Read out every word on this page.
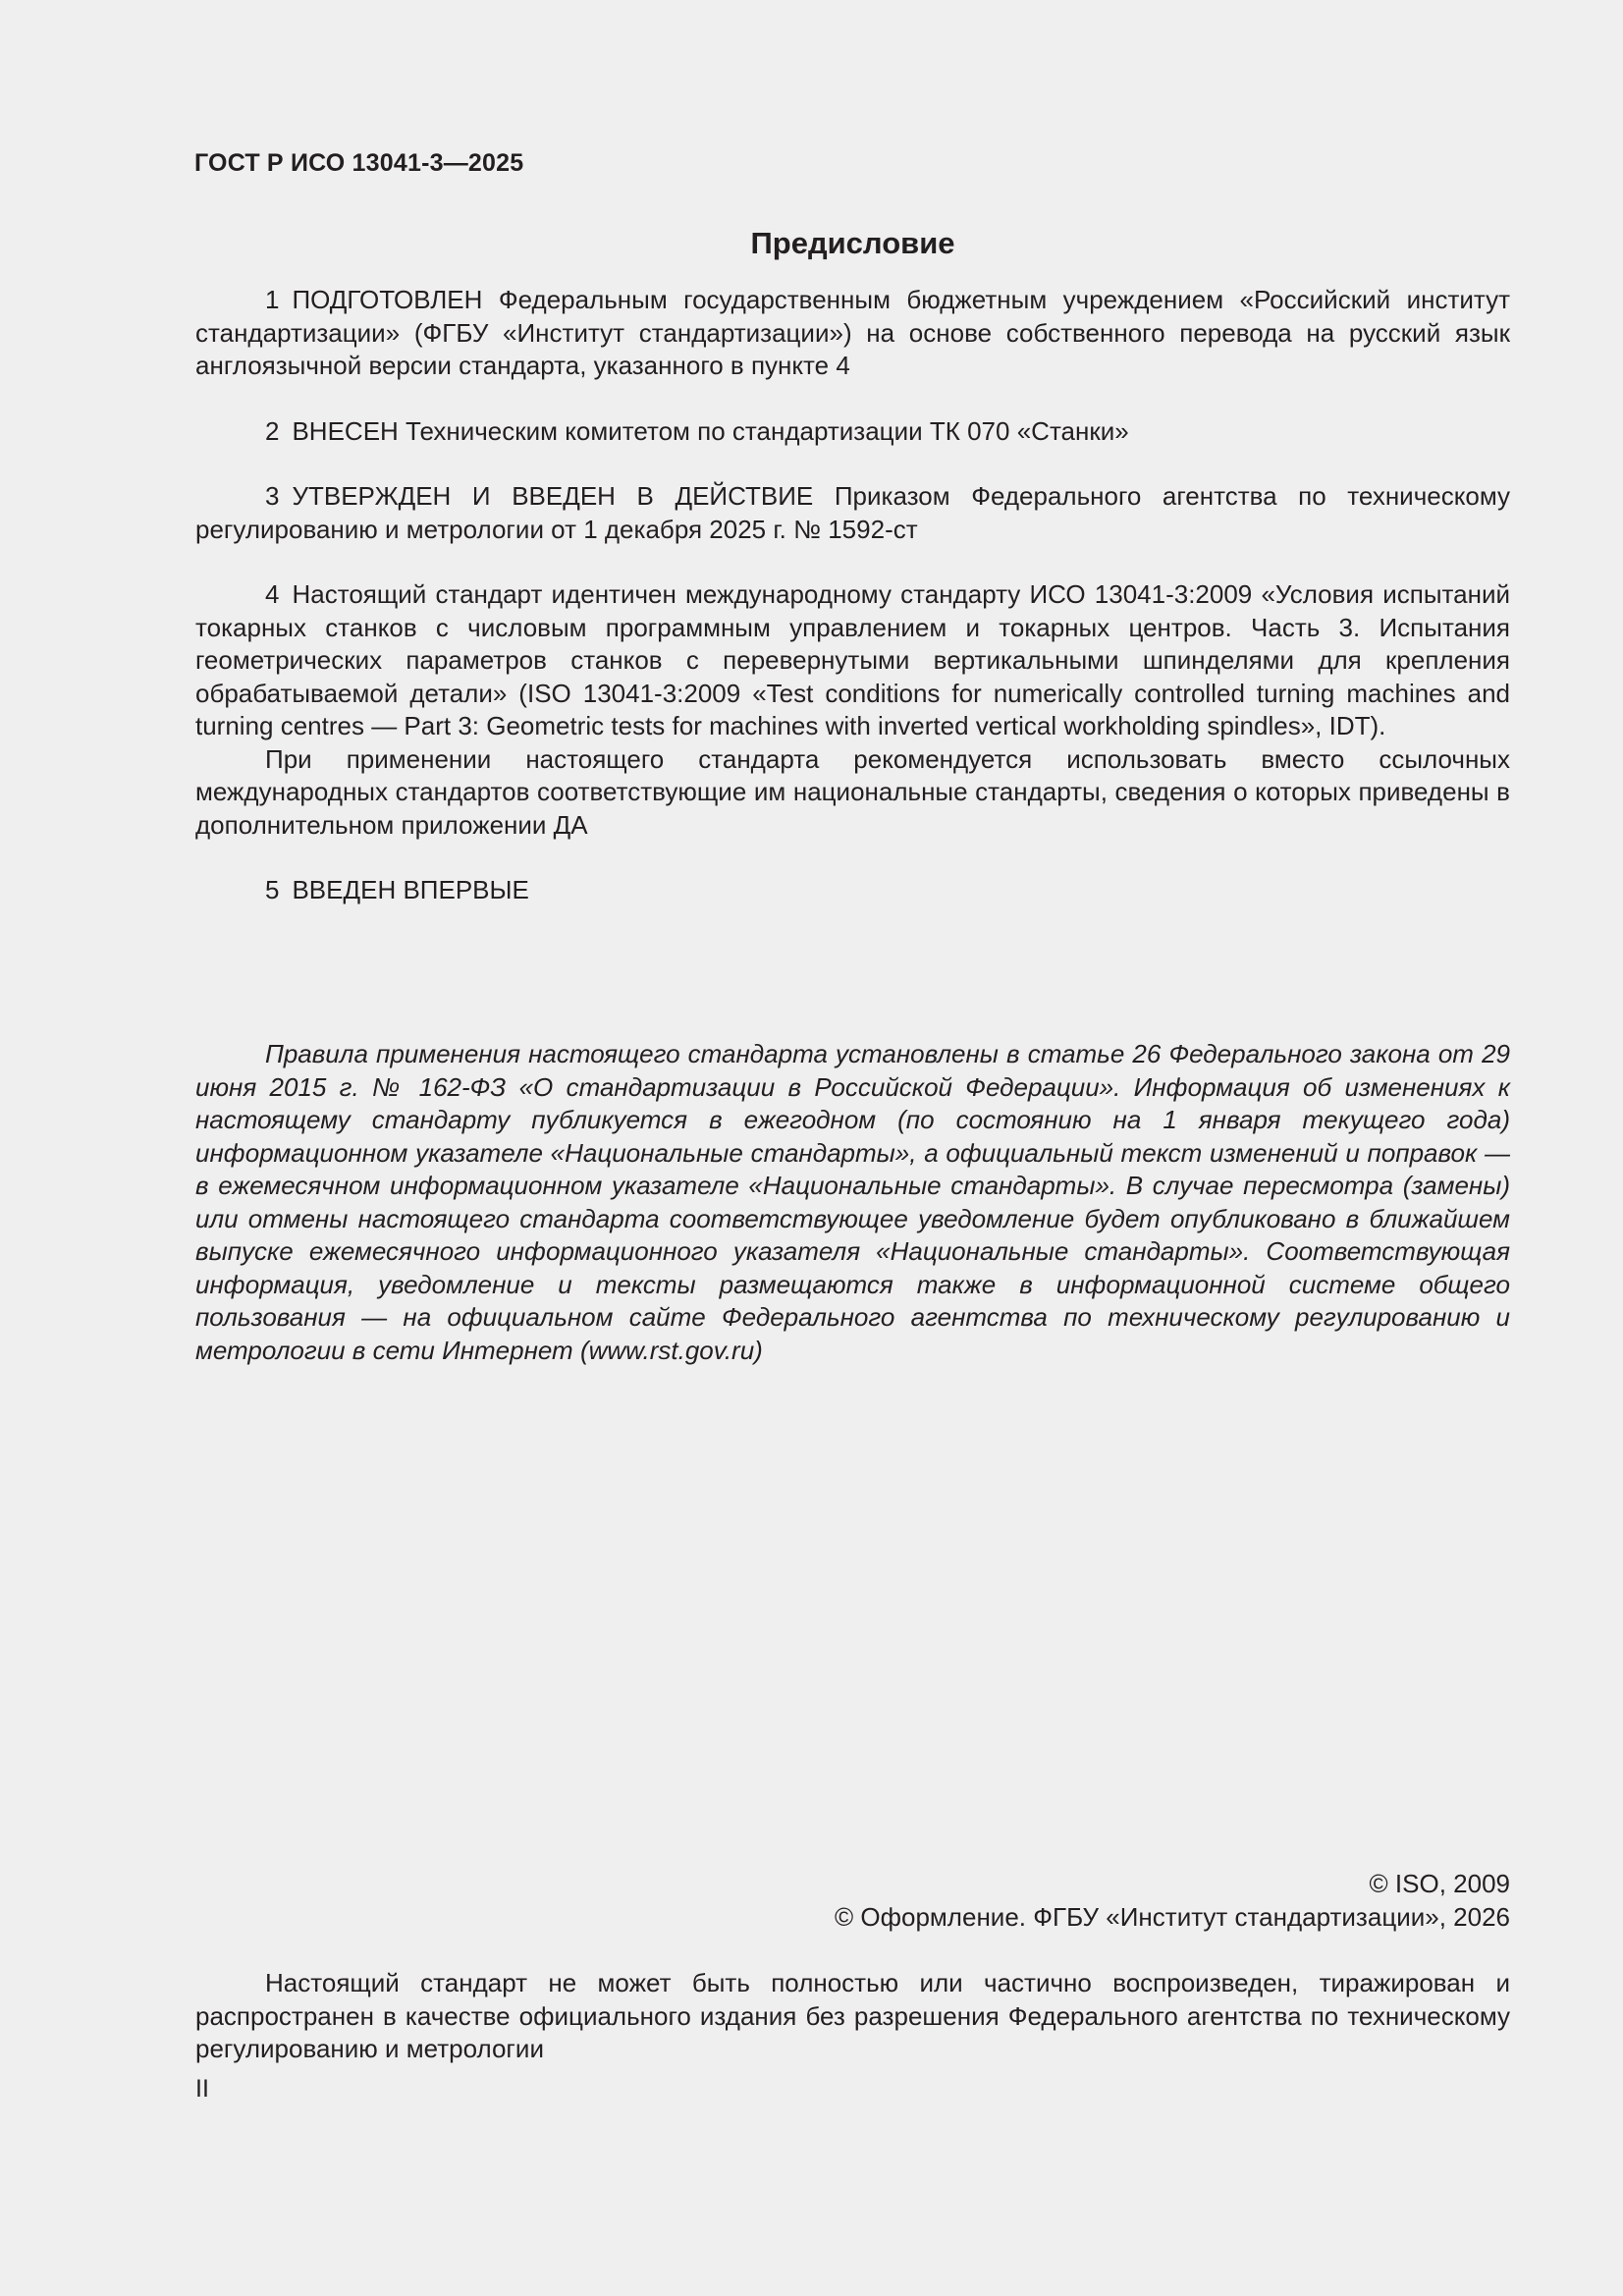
ГОСТ Р ИСО 13041-3—2025
Предисловие

1 ПОДГОТОВЛЕН Федеральным государственным бюджетным учреждением «Российский институт стандартизации» (ФГБУ «Институт стандартизации») на основе собственного перевода на русский язык англоязычной версии стандарта, указанного в пункте 4

2 ВНЕСЕН Техническим комитетом по стандартизации ТК 070 «Станки»

3 УТВЕРЖДЕН И ВВЕДЕН В ДЕЙСТВИЕ Приказом Федерального агентства по техническому регулированию и метрологии от 1 декабря 2025 г. № 1592-ст

4 Настоящий стандарт идентичен международному стандарту ИСО 13041-3:2009 «Условия испытаний токарных станков с числовым программным управлением и токарных центров. Часть 3. Испытания геометрических параметров станков с перевернутыми вертикальными шпинделями для крепления обрабатываемой детали» (ISO 13041-3:2009 «Test conditions for numerically controlled turning machines and turning centres — Part 3: Geometric tests for machines with inverted vertical workholding spindles», IDT).

При применении настоящего стандарта рекомендуется использовать вместо ссылочных международных стандартов соответствующие им национальные стандарты, сведения о которых приведены в дополнительном приложении ДА

5 ВВЕДЕН ВПЕРВЫЕ

Правила применения настоящего стандарта установлены в статье 26 Федерального закона от 29 июня 2015 г. № 162-ФЗ «О стандартизации в Российской Федерации». Информация об изменениях к настоящему стандарту публикуется в ежегодном (по состоянию на 1 января текущего года) информационном указателе «Национальные стандарты», а официальный текст изменений и поправок — в ежемесячном информационном указателе «Национальные стандарты». В случае пересмотра (замены) или отмены настоящего стандарта соответствующее уведомление будет опубликовано в ближайшем выпуске ежемесячного информационного указателя «Национальные стандарты». Соответствующая информация, уведомление и тексты размещаются также в информационной системе общего пользования — на официальном сайте Федерального агентства по техническому регулированию и метрологии в сети Интернет (www.rst.gov.ru)

© ISO, 2009
© Оформление. ФГБУ «Институт стандартизации», 2026

Настоящий стандарт не может быть полностью или частично воспроизведен, тиражирован и распространен в качестве официального издания без разрешения Федерального агентства по техническому регулированию и метрологии

II
